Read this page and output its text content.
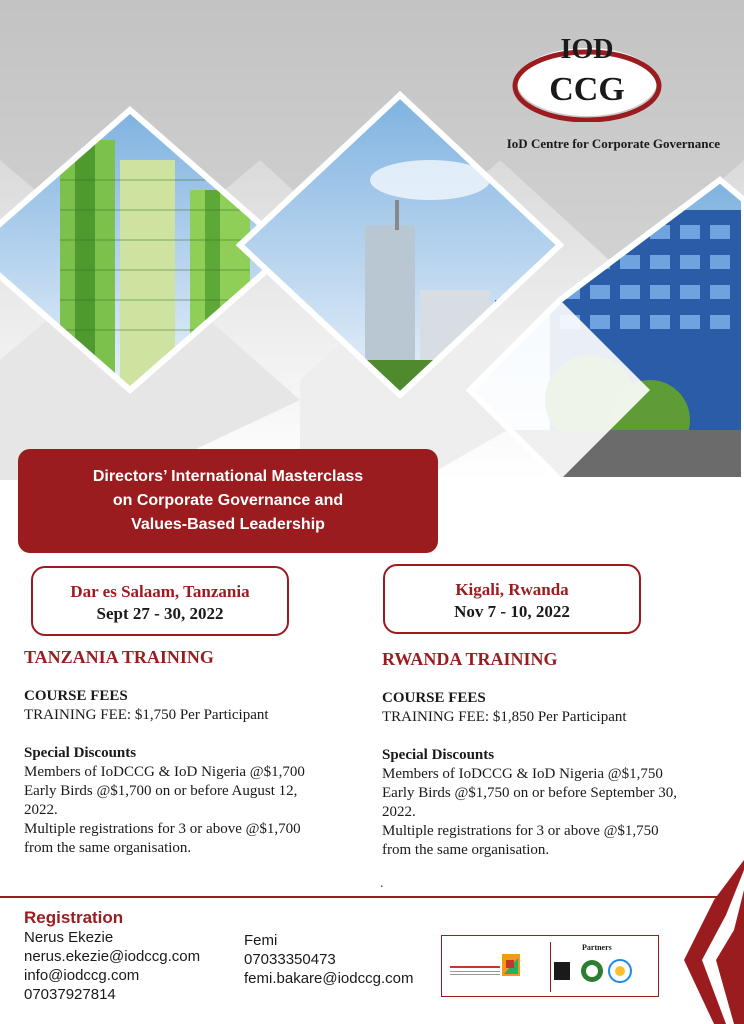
IOD
CCG
IoD Centre for Corporate Governance
Directors’ International Masterclass
on Corporate Governance and
Values-Based Leadership
Dar es Salaam, Tanzania
Sept 27 - 30, 2022
Kigali, Rwanda
Nov 7 - 10, 2022
TANZANIA TRAINING
COURSE FEES
TRAINING FEE: $1,750 Per Participant
Special Discounts
Members of IoDCCG & IoD Nigeria @$1,700
Early Birds @$1,700 on or before August 12,
2022.
Multiple registrations for 3 or above @$1,700
from the same organisation.
RWANDA TRAINING
COURSE FEES
TRAINING FEE: $1,850 Per Participant
Special Discounts
Members of IoDCCG & IoD Nigeria @$1,750
Early Birds @$1,750 on or before September 30,
2022.
Multiple registrations for 3 or above @$1,750
from the same organisation.
.
Registration
Nerus Ekezie
nerus.ekezie@iodccg.com
info@iodccg.com
07037927814
Femi
07033350473
femi.bakare@iodccg.com
Partners
